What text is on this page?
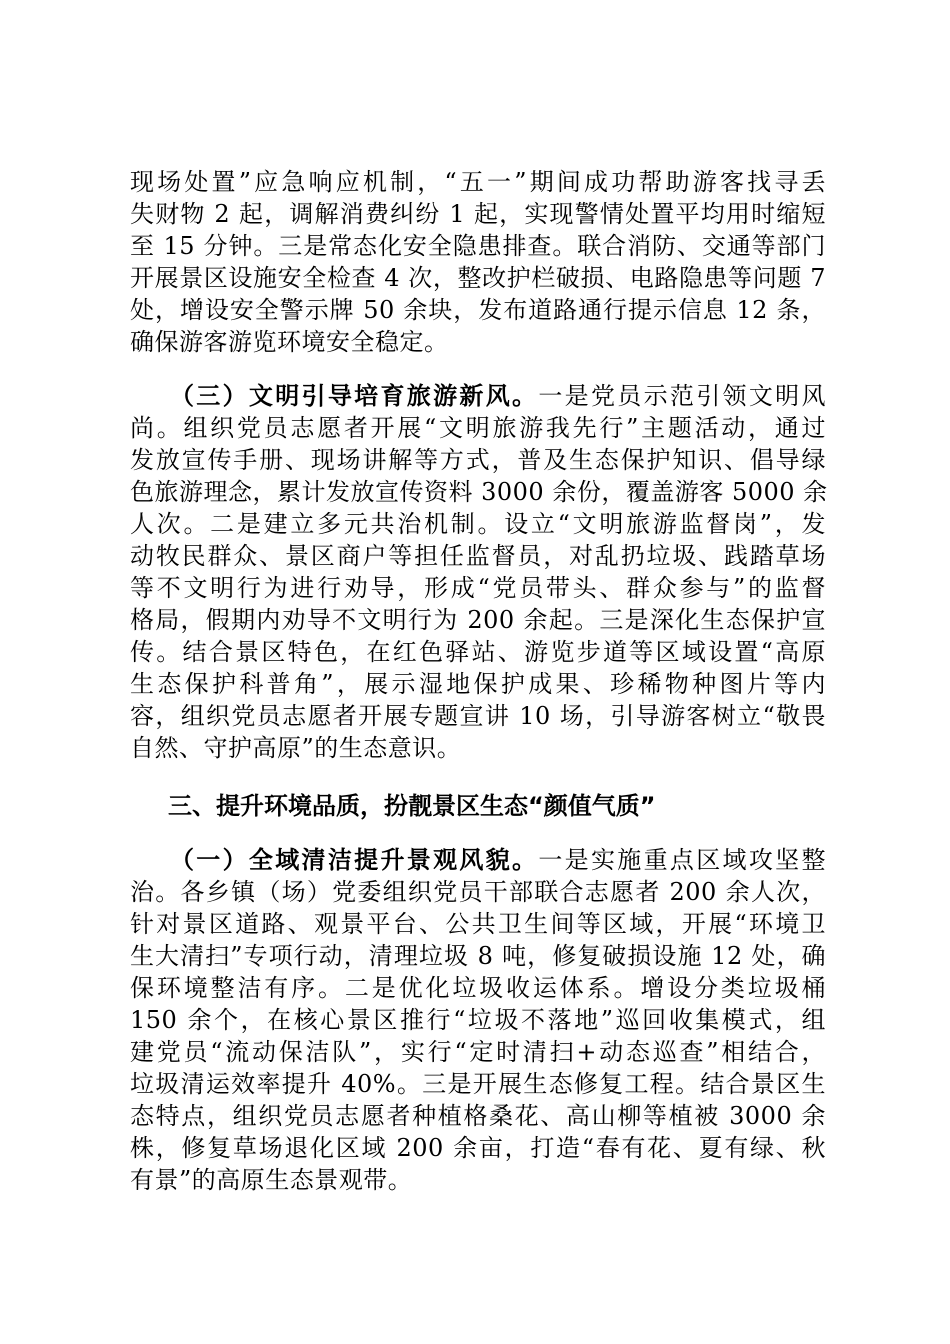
现场处置”应急响应机制，“五一”期间成功帮助游客找寻丢
失财物 2 起，调解消费纠纷 1 起，实现警情处置平均用时缩短
至 15 分钟。三是常态化安全隐患排查。联合消防、交通等部门
开展景区设施安全检查 4 次，整改护栏破损、电路隐患等问题 7
处，增设安全警示牌 50 余块，发布道路通行提示信息 12 条，
确保游客游览环境安全稳定。
（三）文明引导培育旅游新风。一是党员示范引领文明风
尚。组织党员志愿者开展“文明旅游我先行”主题活动，通过
发放宣传手册、现场讲解等方式，普及生态保护知识、倡导绿
色旅游理念，累计发放宣传资料 3000 余份，覆盖游客 5000 余
人次。二是建立多元共治机制。设立“文明旅游监督岗”，发
动牧民群众、景区商户等担任监督员，对乱扔垃圾、践踏草场
等不文明行为进行劝导，形成“党员带头、群众参与”的监督
格局，假期内劝导不文明行为 200 余起。三是深化生态保护宣
传。结合景区特色，在红色驿站、游览步道等区域设置“高原
生态保护科普角”，展示湿地保护成果、珍稀物种图片等内
容，组织党员志愿者开展专题宣讲 10 场，引导游客树立“敬畏
自然、守护高原”的生态意识。
三、提升环境品质，扮靓景区生态“颜值气质”
（一）全域清洁提升景观风貌。一是实施重点区域攻坚整
治。各乡镇（场）党委组织党员干部联合志愿者 200 余人次，
针对景区道路、观景平台、公共卫生间等区域，开展“环境卫
生大清扫”专项行动，清理垃圾 8 吨，修复破损设施 12 处，确
保环境整洁有序。二是优化垃圾收运体系。增设分类垃圾桶
150 余个，在核心景区推行“垃圾不落地”巡回收集模式，组
建党员“流动保洁队”，实行“定时清扫+动态巡查”相结合，
垃圾清运效率提升 40%。三是开展生态修复工程。结合景区生
态特点，组织党员志愿者种植格桑花、高山柳等植被 3000 余
株，修复草场退化区域 200 余亩，打造“春有花、夏有绿、秋
有景”的高原生态景观带。
